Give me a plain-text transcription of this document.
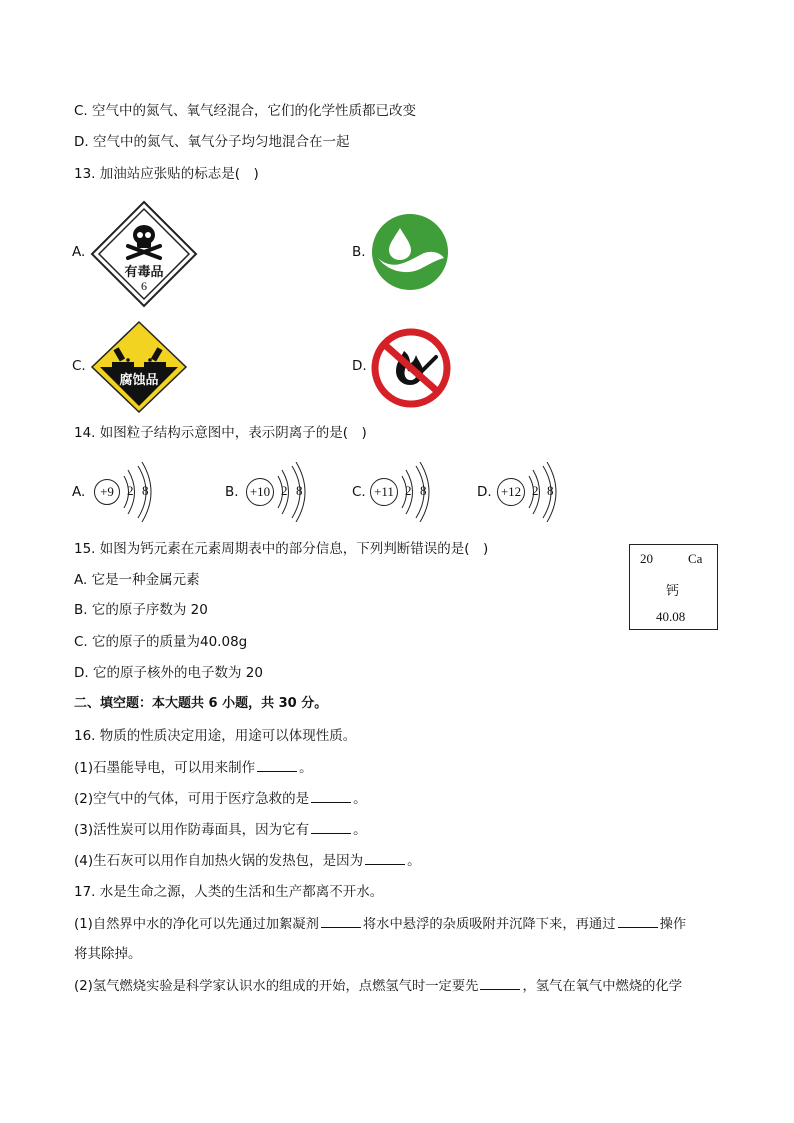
C. 空气中的氮气、氧气经混合，它们的化学性质都已改变
D. 空气中的氮气、氧气分子均匀地混合在一起
13. 加油站应张贴的标志是(　)
A.
有毒品
6
B.
C.
腐蚀品
D.
14. 如图粒子结构示意图中，表示阴离子的是(　)
A.	+9	2 8	B. +10 2 8	C. +11 2 8	D. +12 2 8
15. 如图为钙元素在元素周期表中的部分信息，下列判断错误的是(　)
A. 它是一种金属元素
B. 它的原子序数为 20
C. 它的原子的质量为40.08g
D. 它的原子核外的电子数为 20
20	Ca
钙
40.08
二、填空题：本大题共 6 小题，共 30 分。
16. 物质的性质决定用途，用途可以体现性质。
(1)石墨能导电，可以用来制作	。
(2)空气中的气体，可用于医疗急救的是	。
(3)活性炭可以用作防毒面具，因为它有	。
(4)生石灰可以用作自加热火锅的发热包，是因为	。
17. 水是生命之源，人类的生活和生产都离不开水。
(1)自然界中水的净化可以先通过加絮凝剂	将水中悬浮的杂质吸附并沉降下来，再通过	操作
将其除掉。
(2)氢气燃烧实验是科学家认识水的组成的开始，点燃氢气时一定要先	，氢气在氧气中燃烧的化学
